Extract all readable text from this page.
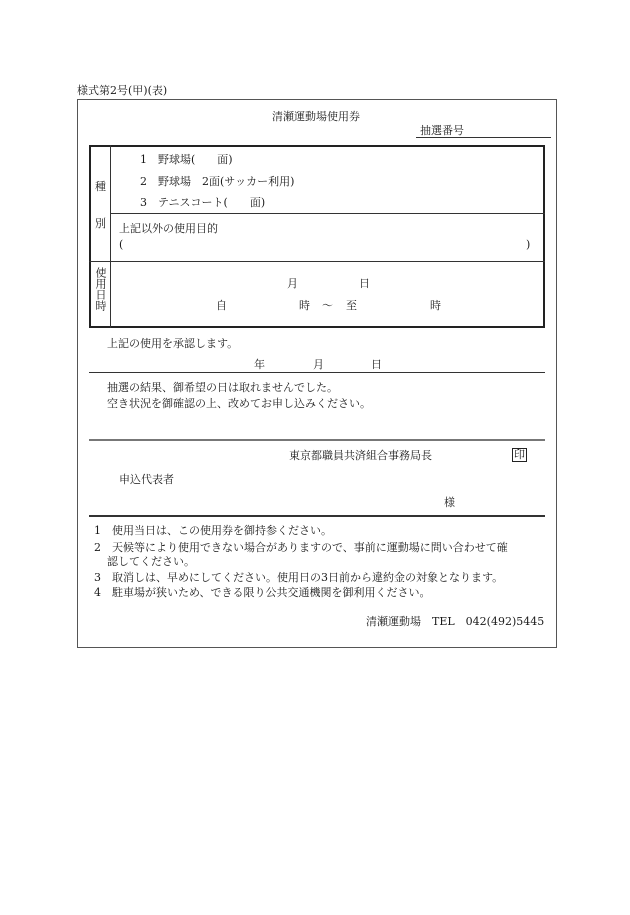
様式第2号(甲)(表)
清瀬運動場使用券
抽選番号
種
別
1　野球場(　　面)
2　野球場　2面(サッカー利用)
3　テニスコート(　　面)
上記以外の使用目的
(	)
使用日時	月	日
自	時 〜 至	時
上記の使用を承認します。
年	月	日
抽選の結果、御希望の日は取れませんでした。
空き状況を御確認の上、改めてお申し込みください。
東京都職員共済組合事務局長	印
申込代表者
様
1　使用当日は、この使用券を御持参ください。
2　天候等により使用できない場合がありますので、事前に運動場に問い合わせて確
認してください。
3　取消しは、早めにしてください。使用日の3日前から違約金の対象となります。
4　駐車場が狭いため、できる限り公共交通機関を御利用ください。
清瀬運動場　TEL　042(492)5445
